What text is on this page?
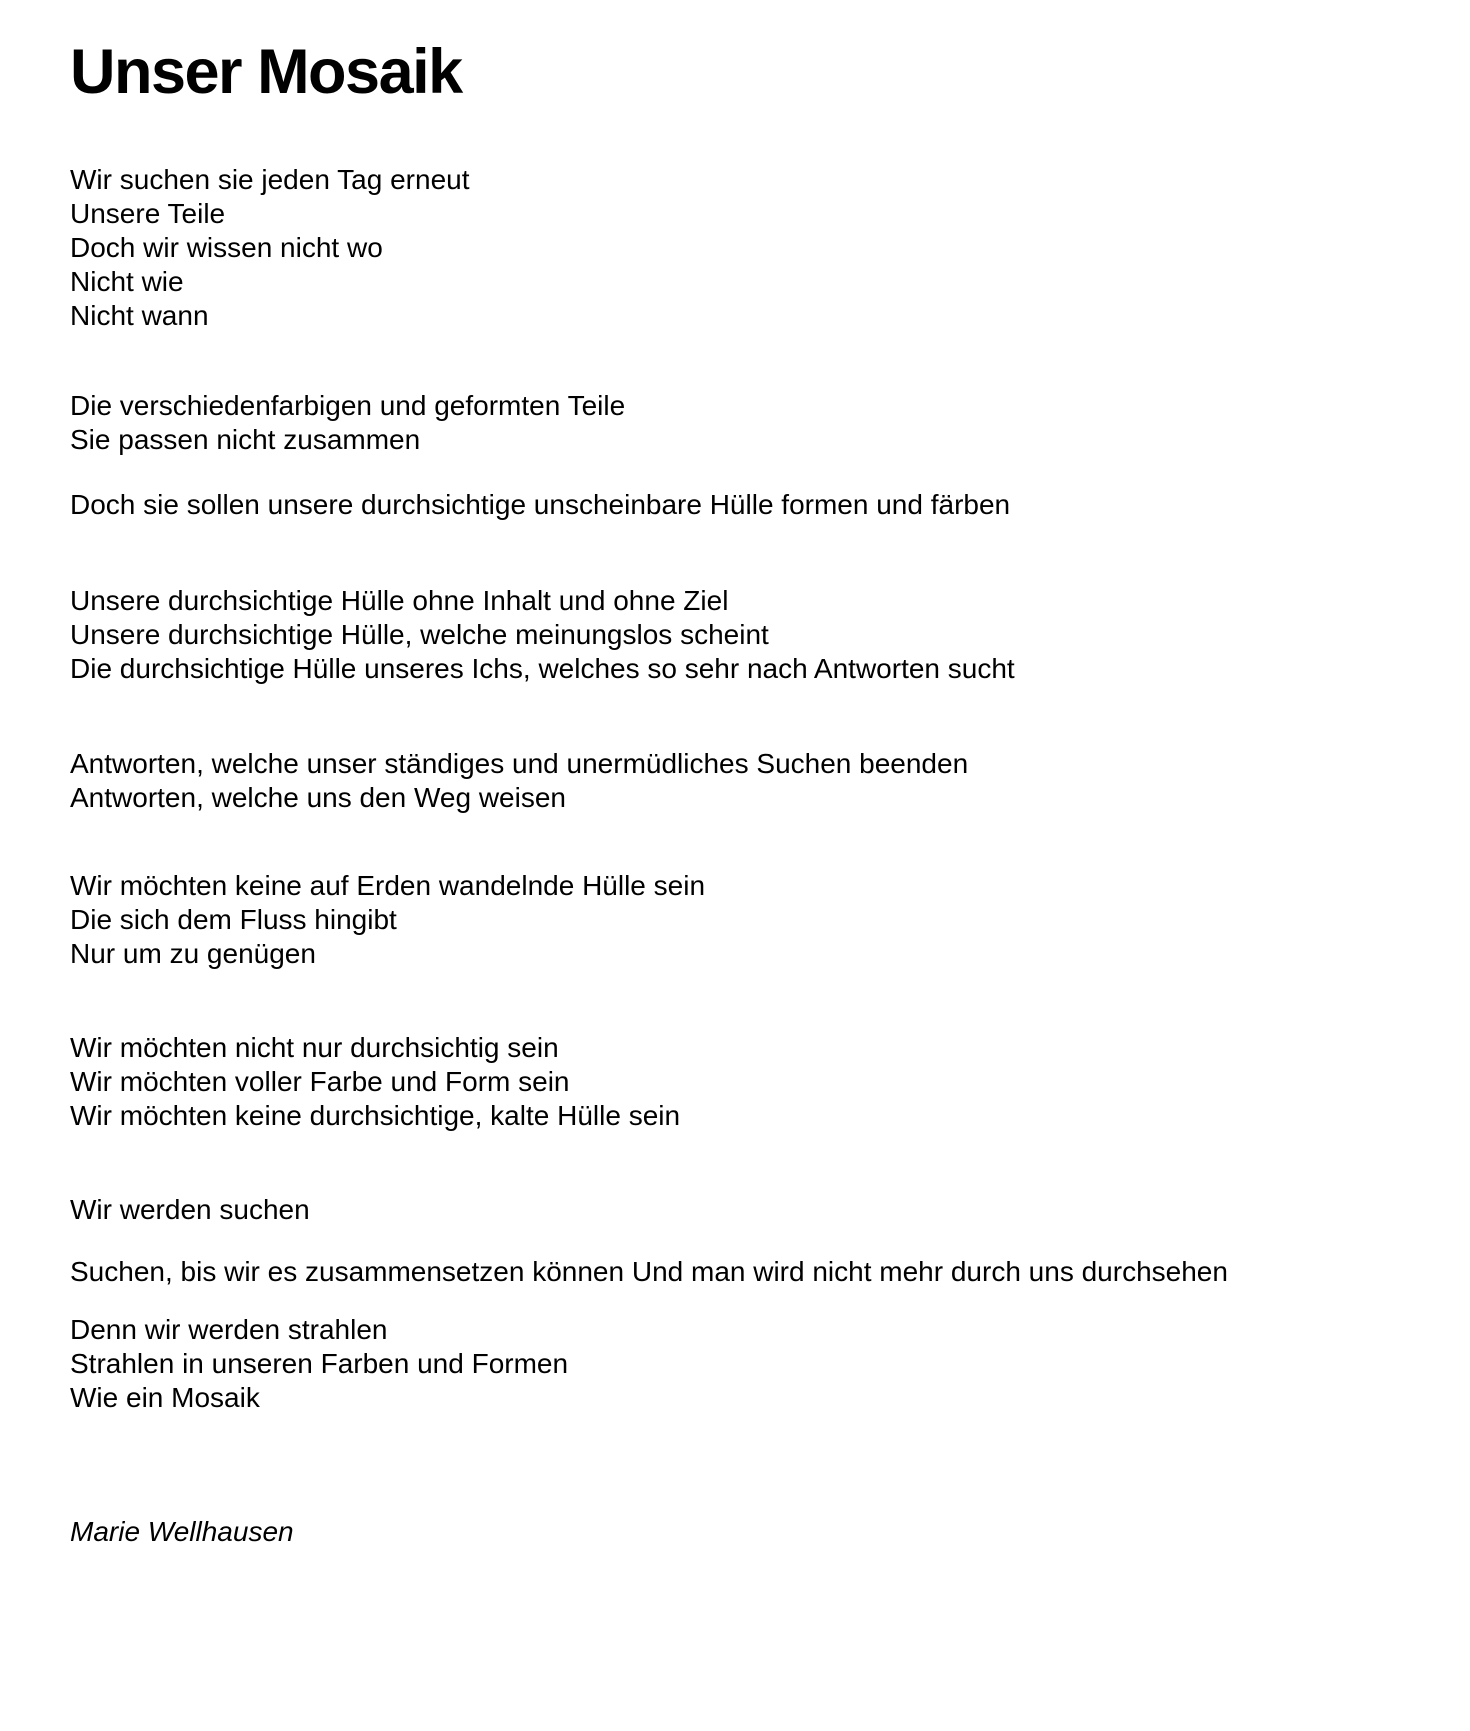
Unser Mosaik
Wir suchen sie jeden Tag erneut
Unsere Teile
Doch wir wissen nicht wo
Nicht wie
Nicht wann
Die verschiedenfarbigen und geformten Teile
Sie passen nicht zusammen
Doch sie sollen unsere durchsichtige unscheinbare Hülle formen und färben
Unsere durchsichtige Hülle ohne Inhalt und ohne Ziel
Unsere durchsichtige Hülle, welche meinungslos scheint
Die durchsichtige Hülle unseres Ichs, welches so sehr nach Antworten sucht
Antworten, welche unser ständiges und unermüdliches Suchen beenden
Antworten, welche uns den Weg weisen
Wir möchten keine auf Erden wandelnde Hülle sein
Die sich dem Fluss hingibt
Nur um zu genügen
Wir möchten nicht nur durchsichtig sein
Wir möchten voller Farbe und Form sein
Wir möchten keine durchsichtige, kalte Hülle sein
Wir werden suchen
Suchen, bis wir es zusammensetzen können Und man wird nicht mehr durch uns durchsehen
Denn wir werden strahlen
Strahlen in unseren Farben und Formen
Wie ein Mosaik
Marie Wellhausen
